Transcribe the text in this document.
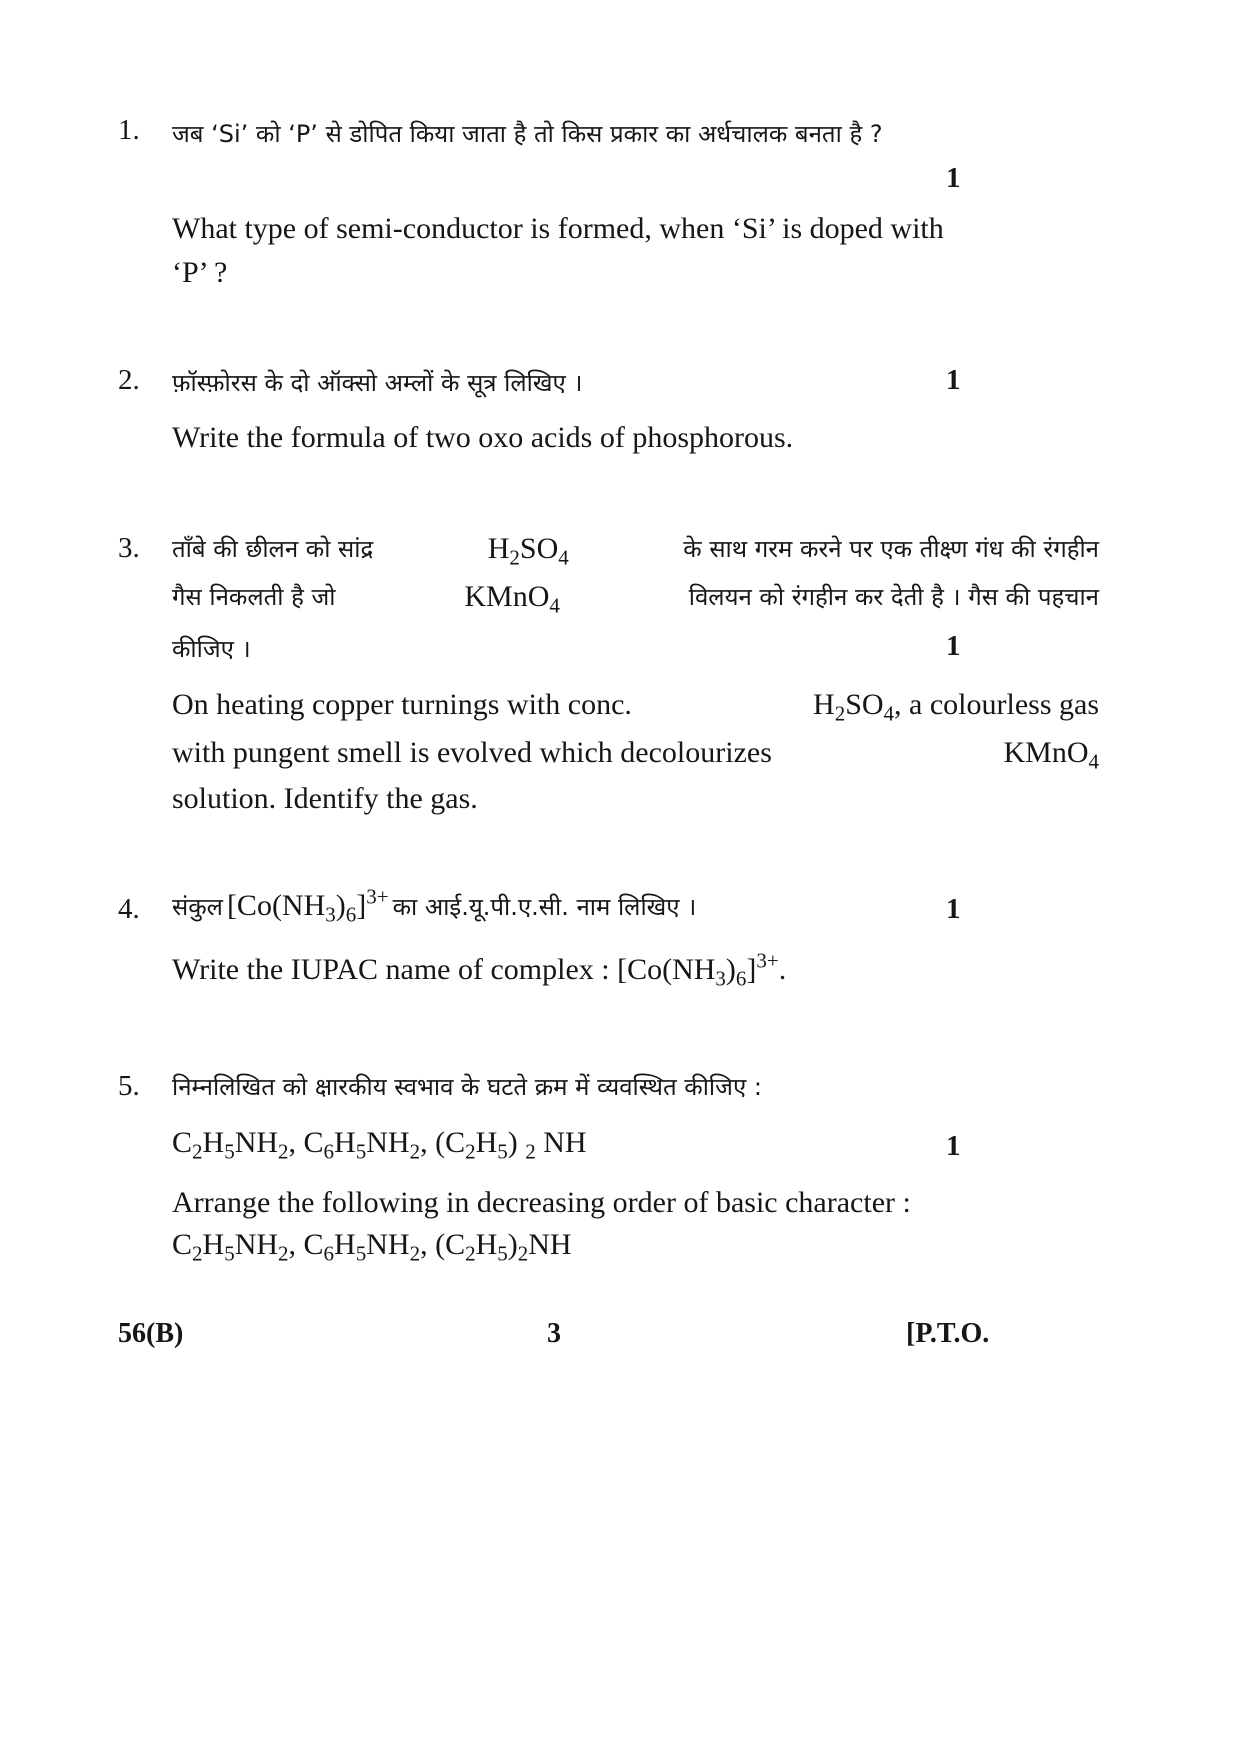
1. जब ‘Si’ को ‘P’ से डोपित किया जाता है तो किस प्रकार का अर्धचालक बनता है ?
1
What type of semi-conductor is formed, when ‘Si’ is doped with
‘P’ ?
2. फ़ॉस्फ़ोरस के दो ऑक्सो अम्लों के सूत्र लिखिए ।	1
Write the formula of two oxo acids of phosphorous.
3. ताँबे की छीलन को सांद्र	$H_2SO_4$	के साथ गरम करने पर एक तीक्ष्ण गंध की रंगहीन
गैस निकलती है जो	KMnO$_4$	विलयन को रंगहीन कर देती है । गैस की पहचान
कीजिए ।	1
On heating copper turnings with conc.	$H_2SO_4$, a colourless gas
with pungent smell is evolved which decolourizes	KMnO$_4$
solution. Identify the gas.
4. संकुल $[Co(NH_3)_6]^{3+}$ का आई.यू.पी.ए.सी. नाम लिखिए ।	1
Write the IUPAC name of complex : $[Co(NH_3)_6]^{3+}$.
5. निम्नलिखित को क्षारकीय स्वभाव के घटते क्रम में व्यवस्थित कीजिए :
$C_2H_5NH_2$, $C_6H_5NH_2$, $(C_2H_5)$ $_2$ NH	1
Arrange the following in decreasing order of basic character :
$C_2H_5NH_2$, $C_6H_5NH_2$, $(C_2H_5)_2NH$
56(B)	3	[P.T.O.
